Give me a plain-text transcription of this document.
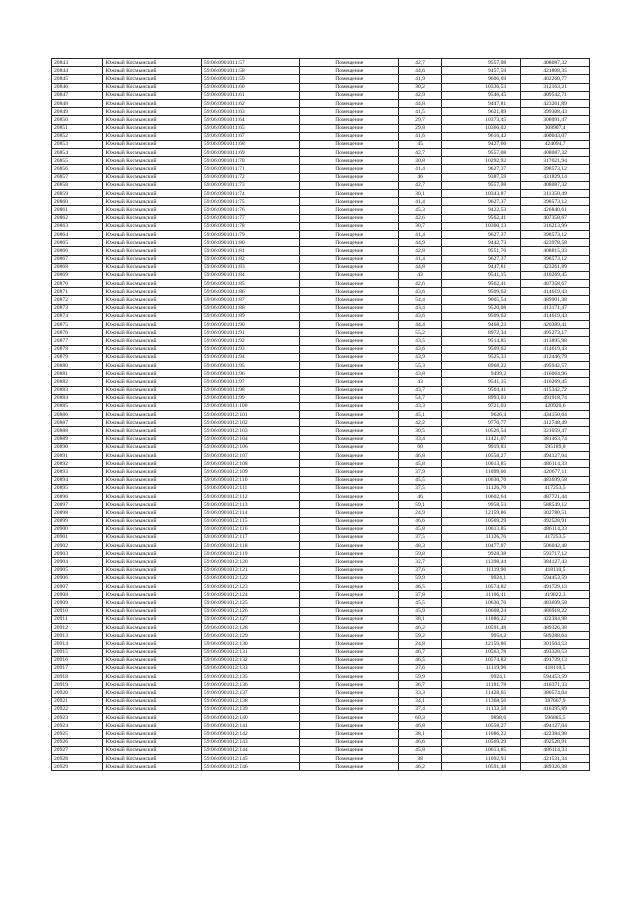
20843	Южный Космынский	59:06:0901011:57	Помещение	42,7	9557,08	408087,32
20844	Южный Космынский	59:06:0901011:58	Помещение	44,6	9457,59	421808,35
20845	Южный Космынский	59:06:0901011:59	Помещение	41,9	9606,69	402260,77
20846	Южный Космынский	59:06:0901011:60	Помещение	30,2	10336,53	312163,21
20847	Южный Космынский	59:06:0901011:61	Помещение	42,9	9546,45	409542,71
20848	Южный Космынский	59:06:0901011:62	Помещение	44,8	9447,81	423261,89
20849	Южный Космынский	59:06:0901011:63	Помещение	41,5	9621,89	399308,43
20850	Южный Космынский	59:06:0901011:64	Помещение	29,7	10373,45	308091,47
20851	Южный Космынский	59:06:0901011:65	Помещение	29,8	10366,02	308907,4
20852	Южный Космынский	59:06:0901011:67	Помещение	41,6	9616,42	400043,07
20853	Южный Космынский	59:06:0901011:68	Помещение	45	9427,66	424094,7
20854	Южный Космынский	59:06:0901011:69	Помещение	42,7	9557,08	408087,32
20855	Южный Космынский	59:06:0901011:70	Помещение	30,8	10292,92	317021,94
20856	Южный Космынский	59:06:0901011:71	Помещение	41,4	9627,37	398573,12
20857	Южный Космынский	59:06:0901011:72	Помещение	46	9387,59	431829,14
20858	Южный Космынский	59:06:0901011:73	Помещение	42,7	9557,08	408087,32
20859	Южный Космынский	59:06:0901011:74	Помещение	30,1	10343,87	311350,49
20860	Южный Космынский	59:06:0901011:75	Помещение	41,4	9627,37	398573,12
20861	Южный Космынский	59:06:0901011:76	Помещение	45,3	9422,53	426840,61
20862	Южный Космынский	59:06:0901011:77	Помещение	42,6	9562,41	407358,67
20863	Южный Космынский	59:06:0901011:78	Помещение	30,7	10300,13	316213,99
20864	Южный Космынский	59:06:0901011:79	Помещение	41,4	9627,37	398573,12
20865	Южный Космынский	59:06:0901011:80	Помещение	44,9	9442,73	423978,58
20866	Южный Космынский	59:06:0901011:81	Помещение	42,8	9551,76	408815,33
20867	Южный Космынский	59:06:0901011:82	Помещение	41,4	9627,37	398573,12
20868	Южный Космынский	59:06:0901011:83	Помещение	44,8	9447,81	423261,89
20869	Южный Космынский	59:06:0901011:84	Помещение	43	9541,15	410269,45
20870	Южный Космынский	59:06:0901011:85	Помещение	42,6	9562,41	407358,67
20871	Южный Космынский	59:06:0901011:86	Помещение	43,6	9509,62	414619,43
20872	Южный Космынский	59:06:0901011:87	Помещение	54,4	9005,54	489901,38
20873	Южный Космынский	59:06:0901011:88	Помещение	43,4	9520,08	413171,47
20874	Южный Космынский	59:06:0901011:89	Помещение	43,6	9509,62	414619,43
20875	Южный Космынский	59:06:0901011:90	Помещение	44,4	9468,23	420389,41
20876	Южный Космынский	59:06:0901011:91	Помещение	55,2	8972,34	495273,17
20877	Южный Космынский	59:06:0901011:92	Помещение	43,5	9514,85	413895,98
20878	Южный Космынский	59:06:0901011:93	Помещение	43,6	9509,62	414619,43
20879	Южный Космынский	59:06:0901011:94	Помещение	43,9	9525,33	412446,79
20880	Южный Космынский	59:06:0901011:95	Помещение	55,3	8968,22	495942,57
20881	Южный Космынский	59:06:0901011:96	Помещение	43,8	9499,2	416064,96
20882	Южный Космынский	59:06:0901011:97	Помещение	43	9541,15	410269,45
20883	Южный Космынский	59:06:0901011:98	Помещение	43,7	9504,41	415342,72
20884	Южный Космынский	59:06:0901011:99	Помещение	54,7	8993,03	491918,74
20885	Южный Космынский	59:06:0901011:100	Помещение	43,3	9721,03	420920,6
20886	Южный Космынский	59:06:0901012:101	Помещение	45,1	9626,4	434150,64
20887	Южный Космынский	59:06:0901012:102	Помещение	42,2	9770,77	412748,49
20888	Южный Космынский	59:06:0901012:103	Помещение	30,5	10526,54	321059,47
20889	Южный Космынский	59:06:0901012:104	Помещение	33,4	11421,07	381463,74
20890	Южный Космынский	59:06:0901012:106	Помещение	60	9919,83	595189,8
20891	Южный Космынский	59:06:0901012:107	Помещение	46,8	10558,27	494127,04
20892	Южный Космынский	59:06:0901012:108	Помещение	45,8	10613,85	486114,33
20893	Южный Космынский	59:06:0901012:109	Помещение	37,9	11099,66	420677,11
20894	Южный Космынский	59:06:0901012:110	Помещение	45,5	10630,76	483699,58
20895	Южный Космынский	59:06:0901012:111	Помещение	37,5	11126,76	417253,5
20896	Южный Космынский	59:06:0901012:112	Помещение	46	10602,64	487721,44
20897	Южный Космынский	59:06:0901012:113	Помещение	59,1	9958,53	588549,12
20898	Южный Космынский	59:06:0901012:114	Помещение	24,9	12159,86	302780,51
20899	Южный Космынский	59:06:0901012:115	Помещение	46,6	10569,29	492528,91
20900	Южный Космынский	59:06:0901012:116	Помещение	45,8	10613,85	486114,33
20901	Южный Космынский	59:06:0901012:117	Помещение	37,5	11126,76	417253,5
20902	Южный Космынский	59:06:0901012:118	Помещение	48,3	10477,07	506042,48
20903	Южный Космынский	59:06:0901012:119	Помещение	59,8	9928,38	593717,12
20904	Южный Космынский	59:06:0901012:120	Помещение	32,7	11398,44	384127,43
20905	Южный Космынский	59:06:0901012:121	Помещение	37,6	11119,96	418110,5
20906	Южный Космынский	59:06:0901012:122	Помещение	59,9	9924,1	594453,59
20907	Южный Космынский	59:06:0901012:123	Помещение	46,5	10574,82	491729,13
20908	Южный Космынский	59:06:0901012:124	Помещение	37,8	11106,41	419822,3
20909	Южный Космынский	59:06:0901012:125	Помещение	45,5	10630,76	483699,58
20910	Южный Космынский	59:06:0901012:126	Помещение	45,9	10608,24	486918,22
20911	Южный Космынский	59:06:0901012:127	Помещение	38,1	11086,22	422384,98
20912	Южный Космынский	59:06:0901012:128	Помещение	46,2	10591,48	489326,38
20913	Южный Космынский	59:06:0901012:129	Помещение	59,2	9954,2	589288,64
20914	Южный Космынский	59:06:0901012:130	Помещение	24,8	12159,86	301564,53
20915	Южный Космынский	59:06:0901012:131	Помещение	46,7	10563,78	493328,53
20916	Южный Космынский	59:06:0901012:132	Помещение	46,5	10574,82	491729,13
20917	Южный Космынский	59:06:0901012:133	Помещение	37,6	11119,96	418110,5
20918	Южный Космынский	59:06:0901012:135	Помещение	59,9	9924,1	594453,59
20919	Южный Космынский	59:06:0901012:136	Помещение	36,7	11181,78	410371,33
20920	Южный Космынский	59:06:0901012:137	Помещение	33,3	11428,65	380574,04
20921	Южный Космынский	59:06:0901012:138	Помещение	34,1	11368,56	387667,9
20922	Южный Космынский	59:06:0901012:139	Помещение	37,4	11133,58	416395,89
20923	Южный Космынский	59:06:0901012:140	Помещение	60,3	9898,6	596885,5
20924	Южный Космынский	59:06:0901012:141	Помещение	46,8	10558,27	494127,04
20925	Южный Космынский	59:06:0901012:142	Помещение	38,1	11086,22	422384,98
20926	Южный Космынский	59:06:0901012:143	Помещение	46,6	10569,29	492528,91
20927	Южный Космынский	59:06:0901012:144	Помещение	45,8	10613,85	486114,33
20928	Южный Космынский	59:06:0901012:145	Помещение	38	11092,93	421531,34
20929	Южный Космынский	59:06:0901012:146	Помещение	46,2	10591,48	489326,38
